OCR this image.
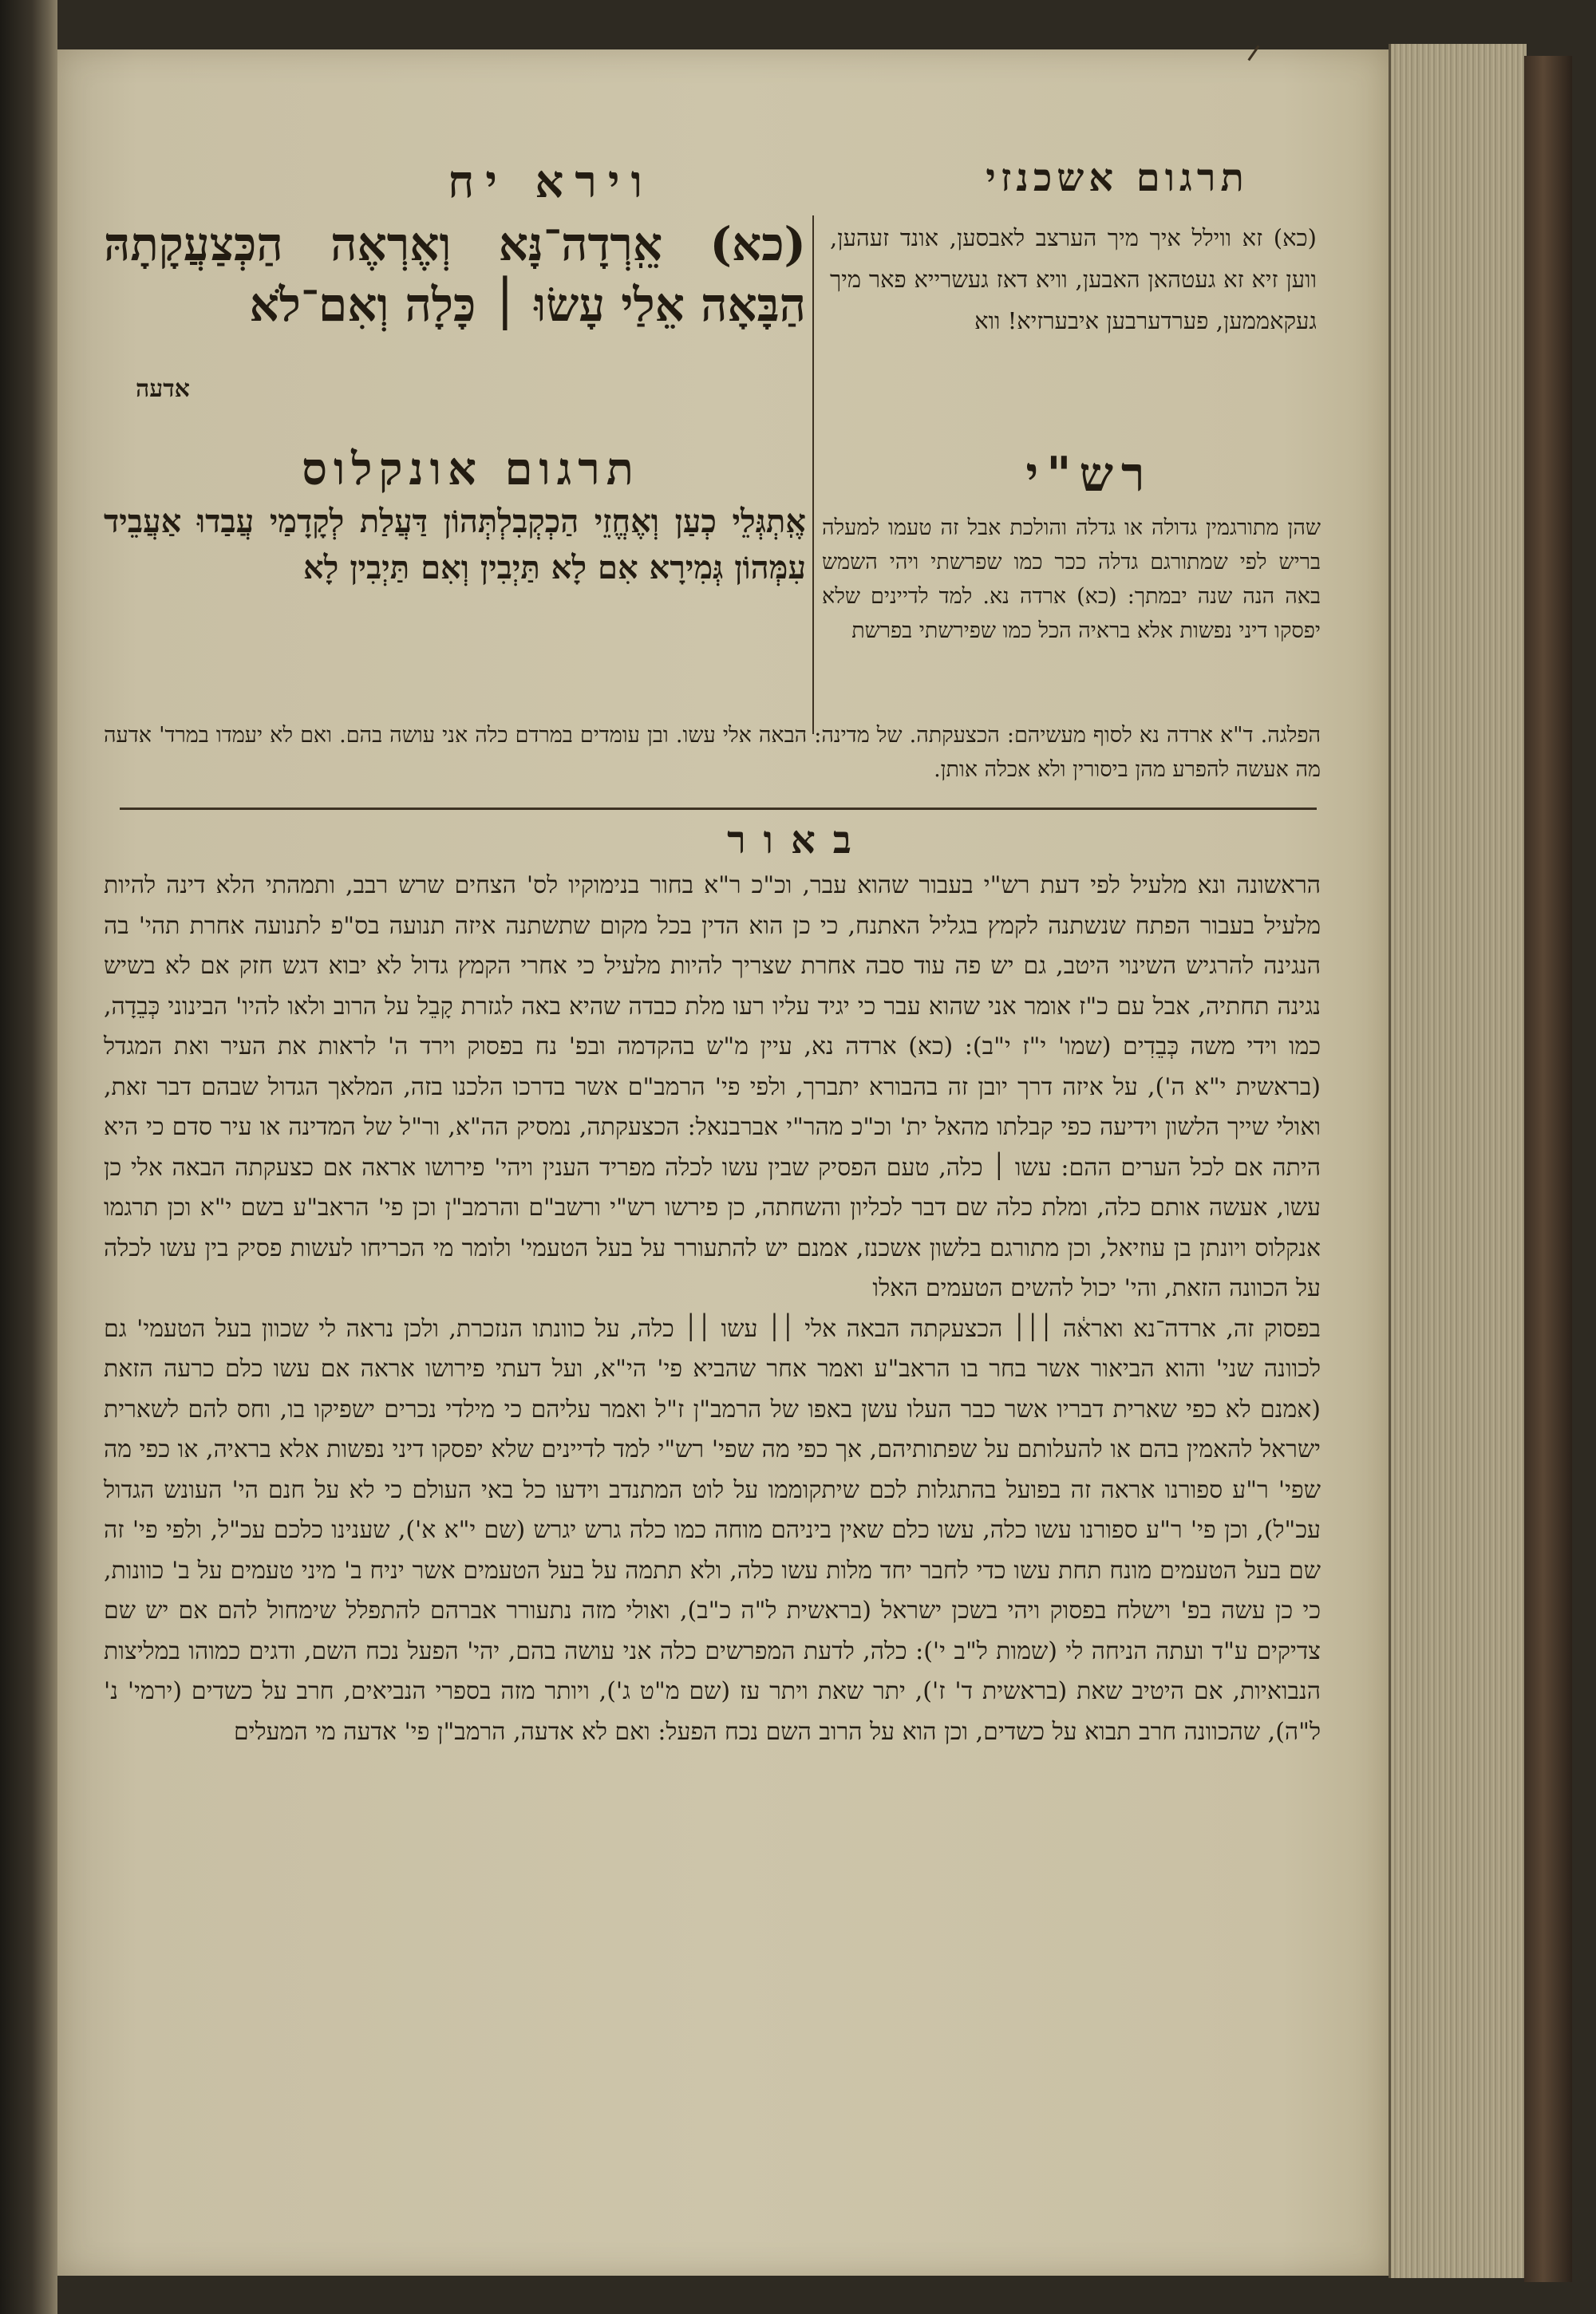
תרגום אשכנזי
וירא יח
(כא) זא ווילל איך מיך הערצב לאבסען, אונד זעהען, ווען זיא זא געטהאן האבען, וויא דאז געשרייא פאר מיך געקאממען, פערדערבען איבערזיא! ווא
(כא) אֵֽרְדָה־נָּא וְאֶרְאֶה הַכְּצַעֲקָתָהּ הַבָּאָה אֵלַי עָשׂוּ ׀ כָּלָה וְאִם־לֹא
אדעה
רש"י
תרגום אונקלוס
אֶֽתְגְּלֵי כְעַן וְאֶחֱזֵי הַכְקְבִלְתְּהוֹן דַּעֲלַת לְקָדָמַי עֲבַדוּ אַעֲבֵיד עִמְּהוֹן גְּמִירָא אִם לָא תַּיְבִין וְאִם תַּיְבִין לָא
שהן מתורגמין גדולה או גדלה והולכת אבל זה טעמו למעלה בריש לפי שמתורגם גדלה ככר כמו שפרשתי ויהי השמש באה הנה שנה יבמתך: (כא) ארדה נא. למד לדיינים שלא יפסקו דיני נפשות אלא בראיה הכל כמו שפירשתי בפרשת
הפלגה. ד"א ארדה נא לסוף מעשיהם: הכצעקתה. של מדינה: הבאה אלי עשו. ובן עומדים במרדם כלה אני עושה בהם. ואם לא יעמדו במרד' אדעה מה אעשה להפרע מהן ביסורין ולא אכלה אותן.
באור

הראשונה ונא מלעיל לפי דעת רש"י בעבור שהוא עבר, וכ"כ ר"א בחור בנימוקיו לס' הצחים שרש רבב, ותמהתי הלא דינה להיות מלעיל בעבור הפתח שנשתנה לקמץ בגליל האתנח, כי כן הוא הדין בכל מקום שתשתנה איזה תנועה בס"פ לתנועה אחרת תהי' בה הנגינה להרגיש השינוי היטב, גם יש פה עוד סבה אחרת שצריך להיות מלעיל כי אחרי הקמץ גדול לא יבוא דגש חזק אם לא בשיש נגינה תחתיה, אבל עם כ"ז אומר אני שהוא עבר כי יגיד עליו רעו מלת כבדה שהיא באה לגזרת קָבֵל על הרוב ולאו להיו' הבינוני כְּבֵדָה, כמו וידי משה כְּבֵדִים (שמו' י"ז י"ב): (כא) ארדה נא, עיין מ"ש בהקדמה ובפ' נח בפסוק וירד ה' לראות את העיר ואת המגדל (בראשית י"א ה'), על איזה דרך יובן זה בהבורא יתברך, ולפי פי' הרמב"ם אשר בדרכו הלכנו בזה, המלאך הגדול שבהם דבר זאת, ואולי שייך הלשון וידיעה כפי קבלתו מהאל ית' וכ"כ מהר"י אברבנאל: הכצעקתה, נמסיק הה"א, ור"ל של המדינה או עיר סדם כי היא היתה אם לכל הערים ההם: עשו ׀ כלה, טעם הפסיק שבין עשו לכלה מפריד הענין ויהי' פירושו אראה אם כצעקתה הבאה אלי כן עשו, אעשה אותם כלה, ומלת כלה שם דבר לכליון והשחתה, כן פירשו רש"י ורשב"ם והרמב"ן וכן פי' הראב"ע בשם י"א וכן תרגמו אנקלוס ויונתן בן עוזיאל, וכן מתורגם בלשון אשכנז, אמנם יש להתעורר על בעל הטעמי' ולומר מי הכריחו לעשות פסיק בין עשו לכלה על הכוונה הזאת, והי' יכול להשים הטעמים האלו

בפסוק זה, ארדה־נא וארא֔ה ׀׀׀ הכצעקתה הבאה אלי ׀׀ עשו ׀׀ כלה, על כוונתו הנזכרת, ולכן נראה לי שכוון בעל הטעמי' גם לכוונה שני' והוא הביאור אשר בחר בו הראב"ע ואמר אחר שהביא פי' הי"א, ועל דעתי פירושו אראה אם עשו כלם כרעה הזאת (אמנם לא כפי שארית דבריו אשר כבר העלו עשן באפו של הרמב"ן ז"ל ואמר עליהם כי מילדי נכרים ישפיקו בו, וחס להם לשארית ישראל להאמין בהם או להעלותם על שפתותיהם, אך כפי מה שפי' רש"י למד לדיינים שלא יפסקו דיני נפשות אלא בראיה, או כפי מה שפי' ר"ע ספורנו אראה זה בפועל בהתגלות לכם שיתקוממו על לוט המתנדב וידעו כל באי העולם כי לא על חנם הי' העונש הגדול עכ"ל), וכן פי' ר"ע ספורנו עשו כלה, עשו כלם שאין ביניהם מוחה כמו כלה גרש יגרש (שם י"א א'), שענינו כלכם עכ"ל, ולפי פי' זה שם בעל הטעמים מונח תחת עשו כדי לחבר יחד מלות עשו כלה, ולא תתמה על בעל הטעמים אשר יניח ב' מיני טעמים על ב' כוונות, כי כן עשה בפ' וישלח בפסוק ויהי בשכן ישראל (בראשית ל"ה כ"ב), ואולי מזה נתעורר אברהם להתפלל שימחול להם אם יש שם צדיקים ע"ד ועתה הניחה לי (שמות ל"ב י'): כלה, לדעת המפרשים כלה אני עושה בהם, יהי' הפעל נכח השם, ודגים כמוהו במליצות הנבואיות, אם היטיב שאת (בראשית ד' ז'), יתר שאת ויתר עז (שם מ"ט ג'), ויותר מזה בספרי הנביאים, חרב על כשדים (ירמי' נ' ל"ה), שהכוונה חרב תבוא על כשדים, וכן הוא על הרוב השם נכח הפעל: ואם לא אדעה, הרמב"ן פי' אדעה מי המעלים
